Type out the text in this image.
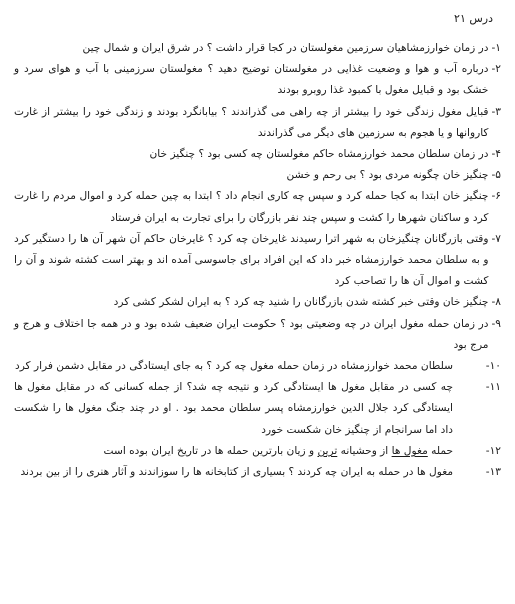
درس ۲۱
۱-
در زمان خوارزمشاهیان سرزمین مغولستان در کجا قرار داشت ؟ در شرق ایران و شمال چین
۲-
درباره آب و هوا و وضعیت غذایی در مغولستان توضیح دهید ؟ مغولستان سرزمینی با آب و هوای سرد و خشک بود و قبایل مغول با کمبود غذا روبرو بودند
۳-
قبایل مغول زندگی خود را بیشتر از چه راهی می گذراندند ؟ بیابانگرد بودند و زندگی خود را بیشتر از غارت کاروانها و یا هجوم به سرزمین های دیگر می گذراندند
۴-
در زمان سلطان محمد خوارزمشاه حاکم مغولستان چه کسی بود ؟ چنگیز خان
۵-
چنگیز خان چگونه مردی بود ؟ بی رحم و خشن
۶-
چنگیز خان ابتدا به کجا حمله کرد و سپس چه کاری انجام داد ؟ ابتدا به چین حمله کرد و اموال مردم را غارت کرد و ساکنان شهرها را کشت و سپس چند نفر بازرگان را برای تجارت به ایران فرستاد
۷-
وقتی بازرگانان چنگیزخان به شهر اترا رسیدند غایرخان چه کرد ؟ غایرخان حاکم آن شهر آن ها را دستگیر کرد و به سلطان محمد خوارزمشاه خبر داد که این افراد برای جاسوسی آمده اند و بهتر است کشته شوند و آن را کشت و اموال آن ها را تصاحب کرد
۸-
چنگیز خان وقتی خبر کشته شدن بازرگانان را شنید چه کرد ؟ به ایران لشکر کشی کرد
۹-
در زمان حمله مغول ایران در چه وضعیتی بود ؟ حکومت ایران ضعیف شده بود و در همه جا اختلاف و هرج و مرج بود
۱۰-
سلطان محمد خوارزمشاه در زمان حمله مغول چه کرد ؟ به جای ایستادگی در مقابل دشمن فرار کرد
۱۱-
چه کسی در مقابل مغول ها ایستادگی کرد و نتیجه چه شد؟ از جمله کسانی که در مقابل مغول ها ایستادگی کرد جلال الدین خوارزمشاه پسر سلطان محمد بود . او در چند جنگ مغول ها را شکست داد اما سرانجام از چنگیز خان شکست خورد
۱۲-
حمله مغول ها از وحشیانه ترین و زیان بارترین حمله ها در تاریخ ایران بوده است
۱۳-
مغول ها در حمله به ایران چه کردند ؟ بسیاری از کتابخانه ها را سوزاندند و آثار هنری را از بین بردند
